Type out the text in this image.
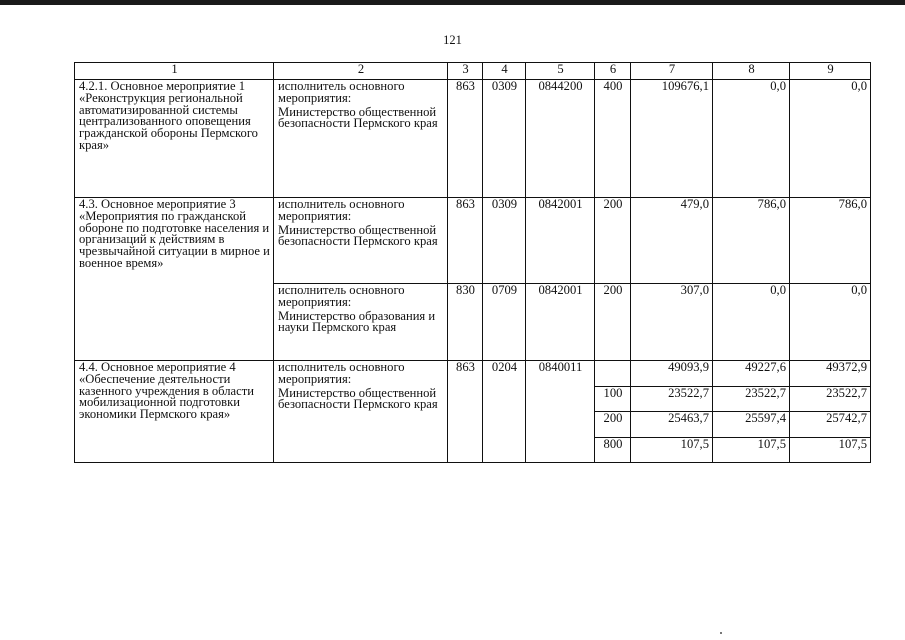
121
1	2	3	4	5	6	7	8	9
4.2.1. Основное мероприятие 1 «Реконструкция региональной автоматизированной системы централизованного оповещения гражданской обороны Пермского края»	исполнитель основного мероприятия:
Министерство общественной безопасности Пермского края	863	0309	0844200	400	109676,1	0,0	0,0
4.3. Основное мероприятие 3 «Мероприятия по гражданской обороне по подготовке населения и организаций к действиям в чрезвычайной ситуации в мирное и военное время»	исполнитель основного мероприятия:
Министерство общественной безопасности Пермского края	863	0309	0842001	200	479,0	786,0	786,0

	исполнитель основного мероприятия:
Министерство образования и науки Пермского края	830	0709	0842001	200	307,0	0,0	0,0
4.4. Основное мероприятие 4 «Обеспечение деятельности казенного учреждения в области мобилизационной подготовки экономики Пермского края»	исполнитель основного мероприятия:
Министерство общественной безопасности Пермского края	863	0204	0840011		49093,9	49227,6	49372,9
					100	23522,7	23522,7	23522,7
					200	25463,7	25597,4	25742,7
					800	107,5	107,5	107,5
